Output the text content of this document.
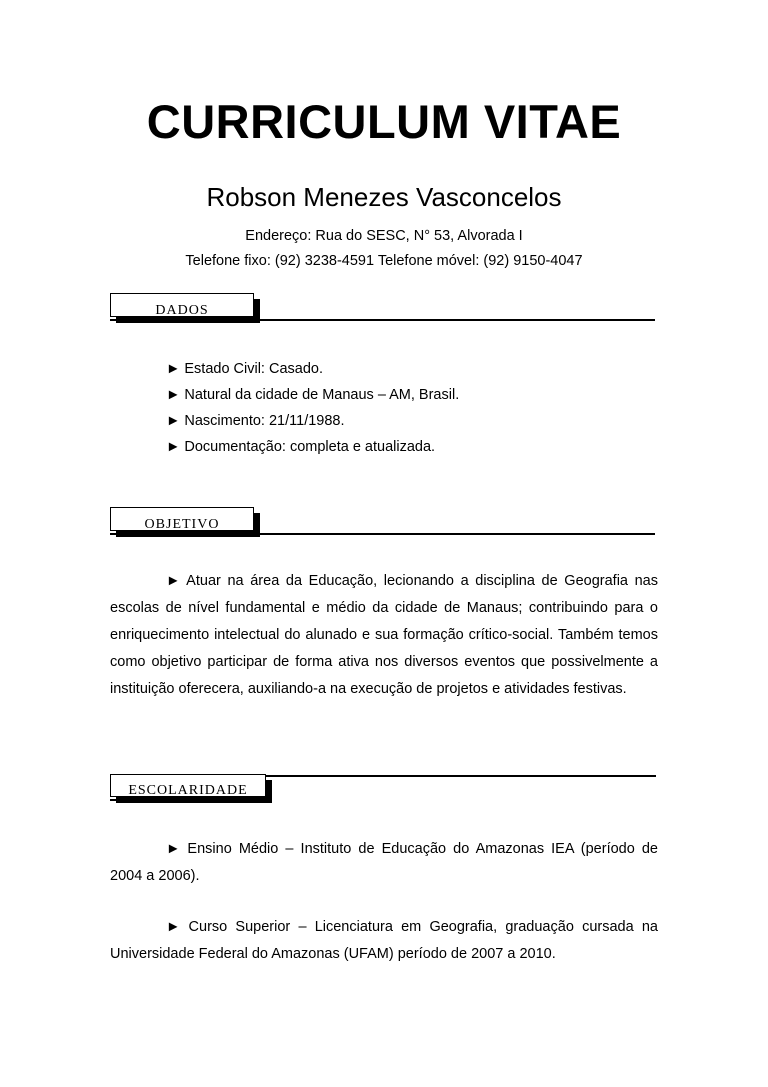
CURRICULUM VITAE
Robson Menezes Vasconcelos
Endereço: Rua do SESC, N° 53, Alvorada I
Telefone fixo: (92) 3238-4591 Telefone móvel: (92) 9150-4047
DADOS
► Estado Civil: Casado.
► Natural da cidade de Manaus – AM, Brasil.
► Nascimento: 21/11/1988.
► Documentação: completa e atualizada.
OBJETIVO
► Atuar na área da Educação, lecionando a disciplina de Geografia nas escolas de nível fundamental e médio da cidade de Manaus; contribuindo para o enriquecimento intelectual do alunado e sua formação crítico-social. Também temos como objetivo participar de forma ativa nos diversos eventos que possivelmente a instituição oferecera, auxiliando-a na execução de projetos e atividades festivas.
ESCOLARIDADE
► Ensino Médio – Instituto de Educação do Amazonas IEA (período de 2004 a 2006).
► Curso Superior – Licenciatura em Geografia, graduação cursada na Universidade Federal do Amazonas (UFAM) período de 2007 a 2010.
